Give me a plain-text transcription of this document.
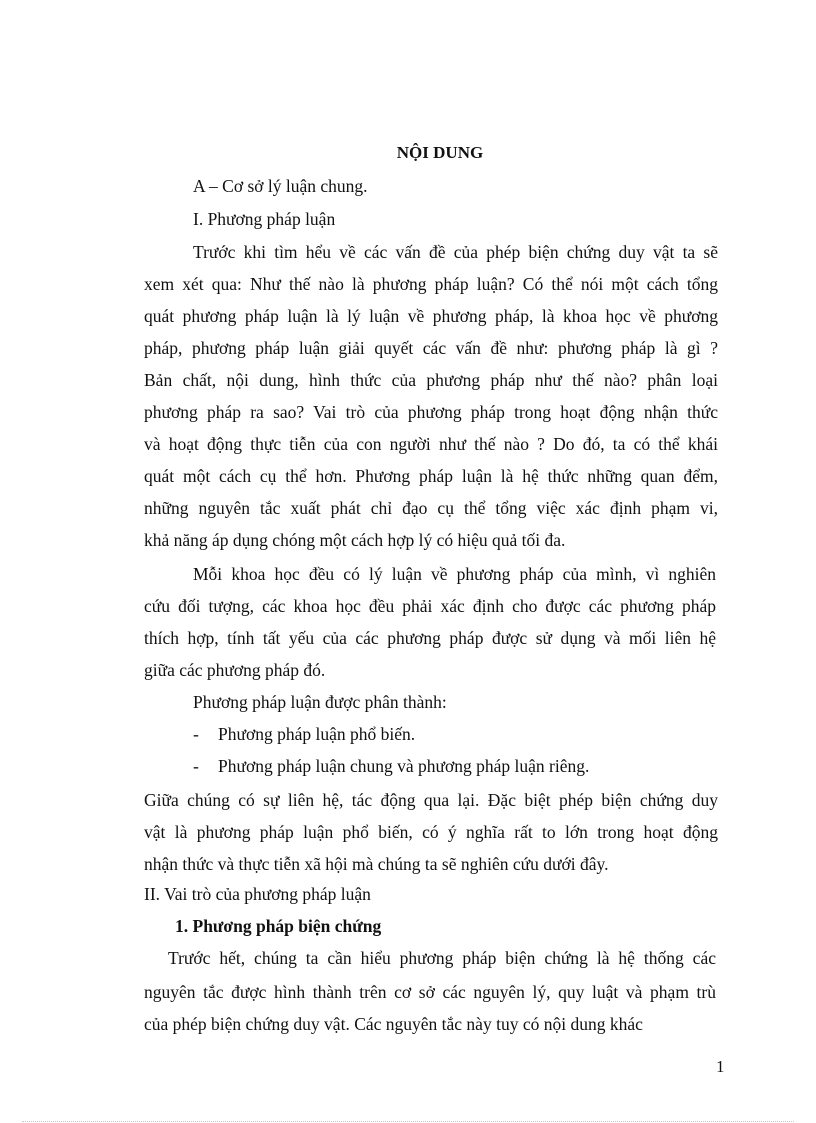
NỘI DUNG
A – Cơ sở lý luận chung.
I. Phương pháp luận
Trước khi tìm hểu về các vấn đề của phép biện chứng duy vật ta sẽ
xem xét qua: Như thế nào là phương pháp luận? Có thể nói một cách tổng
quát phương pháp luận là lý luận về phương pháp, là khoa học về phương
pháp, phương pháp luận giải quyết các vấn đề như: phương pháp là gì ?
Bản chất, nội dung, hình thức của phương pháp như thế nào? phân loại
phương pháp ra sao? Vai trò của phương pháp trong hoạt động nhận thức
và hoạt động thực tiễn của con người như thế nào ? Do đó, ta có thể khái
quát một cách cụ thể hơn. Phương pháp luận là hệ thức những quan đểm,
những nguyên tắc xuất phát chỉ đạo cụ thể tổng việc xác định phạm vi,
khả năng áp dụng chóng một cách hợp lý có hiệu quả tối đa.
Mỗi khoa học đều có lý luận về phương pháp của mình, vì nghiên
cứu đối tượng, các khoa học đều phải xác định cho được các phương pháp
thích hợp, tính tất yếu của các phương pháp được sử dụng và mối liên hệ
giữa các phương pháp đó.
Phương pháp luận được phân thành:
- Phương pháp luận phổ biến.
- Phương pháp luận chung và phương pháp luận riêng.
Giữa chúng có sự liên hệ, tác động qua lại. Đặc biệt phép biện chứng duy
vật là phương pháp luận phổ biến, có ý nghĩa rất to lớn trong hoạt động
nhận thức và thực tiễn xã hội mà chúng ta sẽ nghiên cứu dưới đây.
II. Vai trò của phương pháp luận
1. Phương pháp biện chứng
Trước hết, chúng ta cần hiểu phương pháp biện chứng là hệ thống các
nguyên tắc được hình thành trên cơ sở các nguyên lý, quy luật và phạm trù
của phép biện chứng duy vật. Các nguyên tắc này tuy có nội dung khác
1
